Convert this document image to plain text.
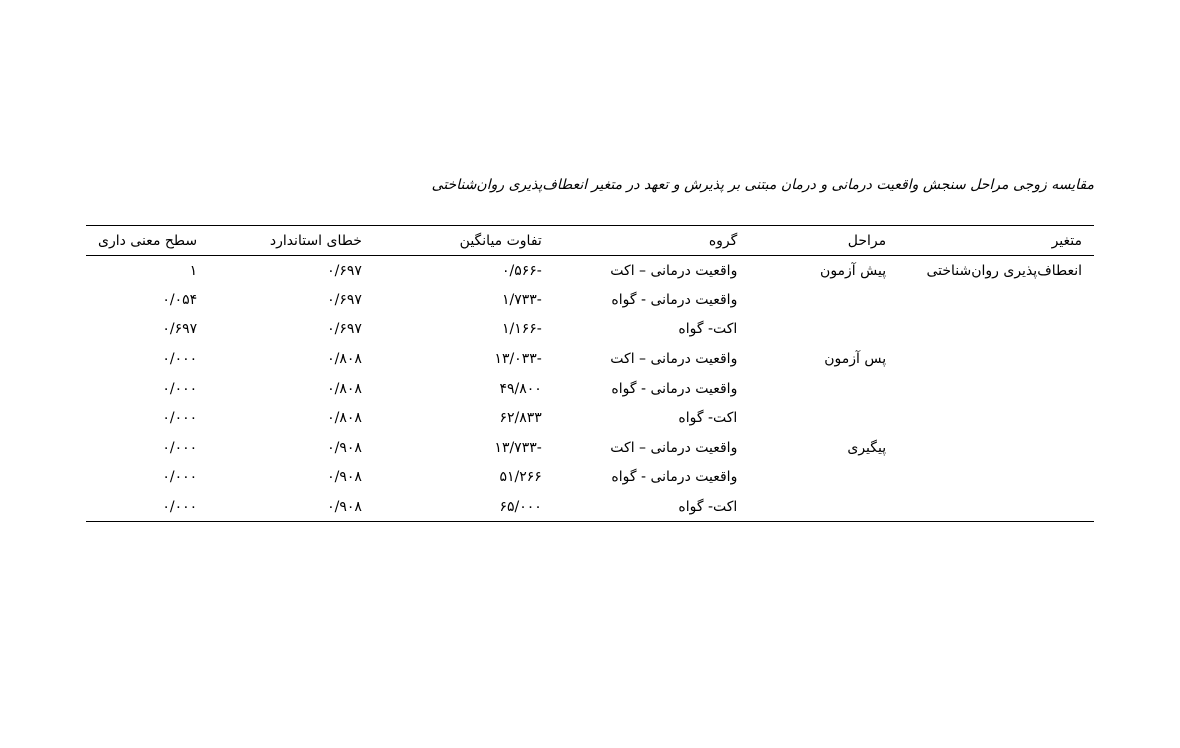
مقایسه زوجی مراحل سنجش واقعیت درمانی و درمان مبتنی بر پذیرش و تعهد در متغیر انعطاف‌پذیری روان‌شناختی
متغیر	مراحل	گروه	تفاوت میانگین	خطای استاندارد	سطح معنی داری
انعطاف‌پذیری روان‌شناختی	پیش آزمون	واقعیت درمانی – اکت	-۰/۵۶۶	۰/۶۹۷	۱
		واقعیت درمانی - گواه	-۱/۷۳۳	۰/۶۹۷	۰/۰۵۴
		اکت- گواه	-۱/۱۶۶	۰/۶۹۷	۰/۶۹۷
	پس آزمون	واقعیت درمانی – اکت	-۱۳/۰۳۳	۰/۸۰۸	۰/۰۰۰
		واقعیت درمانی - گواه	۴۹/۸۰۰	۰/۸۰۸	۰/۰۰۰
		اکت- گواه	۶۲/۸۳۳	۰/۸۰۸	۰/۰۰۰
	پیگیری	واقعیت درمانی – اکت	-۱۳/۷۳۳	۰/۹۰۸	۰/۰۰۰
		واقعیت درمانی - گواه	۵۱/۲۶۶	۰/۹۰۸	۰/۰۰۰
		اکت- گواه	۶۵/۰۰۰	۰/۹۰۸	۰/۰۰۰
